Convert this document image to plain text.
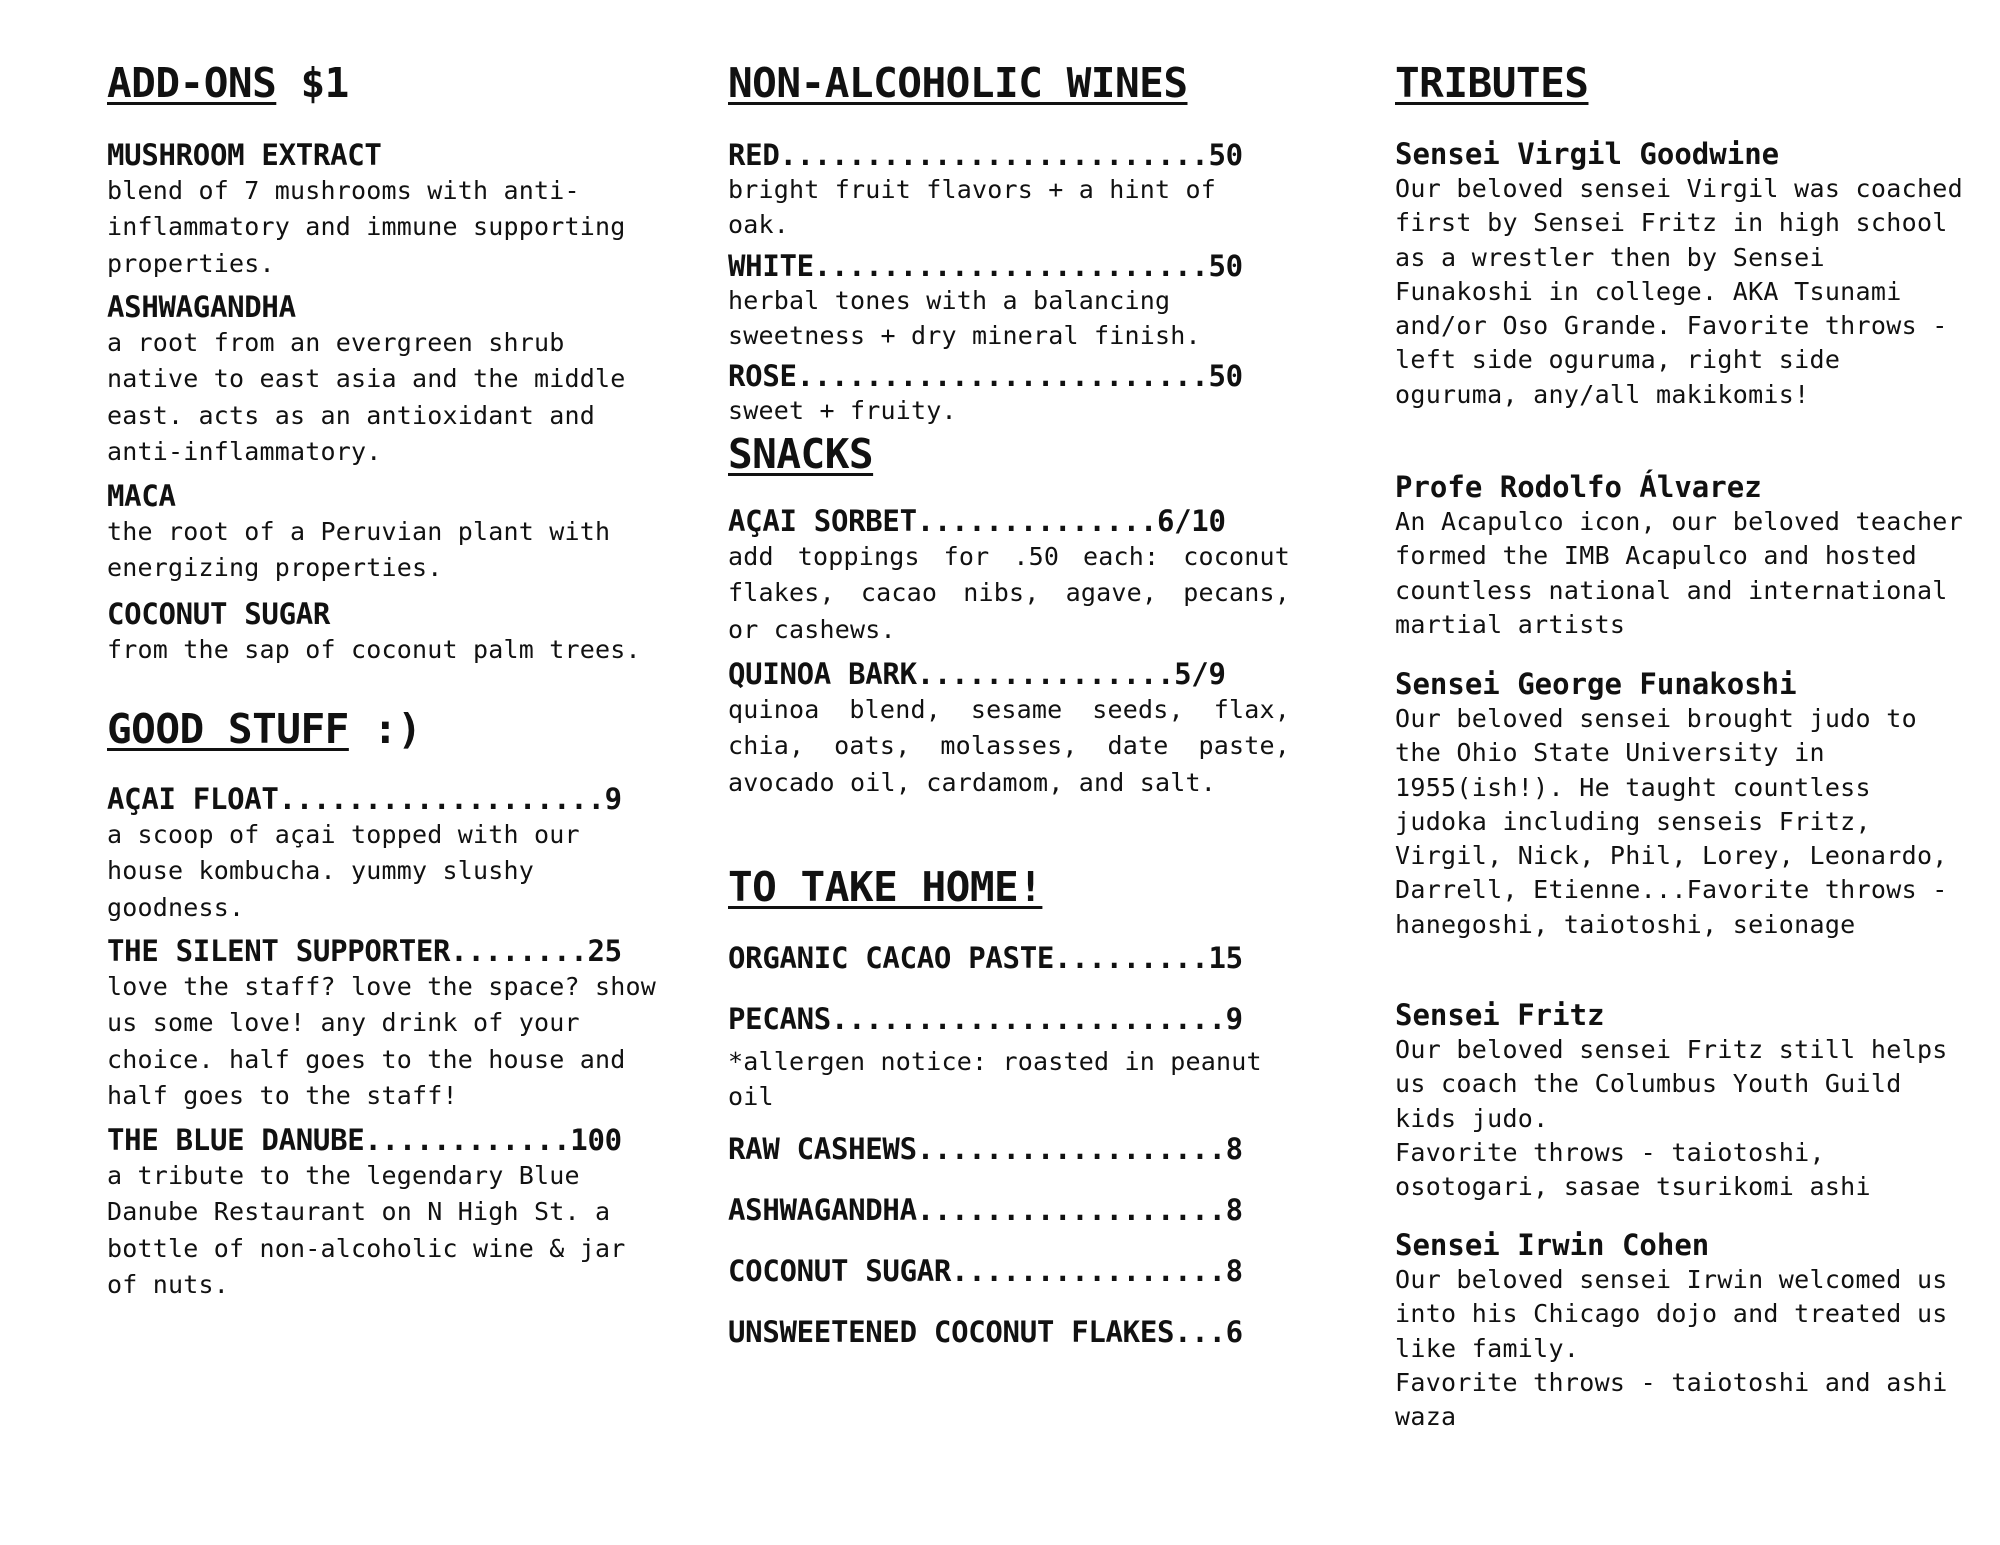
ADD-ONS $1
MUSHROOM EXTRACT
blend of 7 mushrooms with anti-inflammatory and immune supporting properties.
ASHWAGANDHA
a root from an evergreen shrub native to east asia and the middle east. acts as an antioxidant and anti-inflammatory.
MACA
the root of a Peruvian plant with energizing properties.
COCONUT SUGAR
from the sap of coconut palm trees.
GOOD STUFF :)
AÇAI FLOAT...................9
a scoop of açai topped with our house kombucha. yummy slushy goodness.
THE SILENT SUPPORTER........25
love the staff? love the space? show us some love! any drink of your choice. half goes to the house and half goes to the staff!
THE BLUE DANUBE............100
a tribute to the legendary Blue Danube Restaurant on N High St. a bottle of non-alcoholic wine & jar of nuts.
NON-ALCOHOLIC WINES
RED.........................50
bright fruit flavors + a hint of oak.
WHITE.......................50
herbal tones with a balancing sweetness + dry mineral finish.
ROSE........................50
sweet + fruity.
SNACKS
AÇAI SORBET..............6/10
add toppings for .50 each: coconut flakes, cacao nibs, agave, pecans, or cashews.
QUINOA BARK...............5/9
quinoa blend, sesame seeds, flax, chia, oats, molasses, date paste, avocado oil, cardamom, and salt.
TO TAKE HOME!
ORGANIC CACAO PASTE.........15
PECANS.......................9
*allergen notice: roasted in peanut oil
RAW CASHEWS..................8
ASHWAGANDHA..................8
COCONUT SUGAR................8
UNSWEETENED COCONUT FLAKES...6
TRIBUTES
Sensei Virgil Goodwine
Our beloved sensei Virgil was coached first by Sensei Fritz in high school as a wrestler then by Sensei Funakoshi in college. AKA Tsunami and/or Oso Grande. Favorite throws - left side oguruma, right side oguruma, any/all makikomis!
Profe Rodolfo Álvarez
An Acapulco icon, our beloved teacher formed the IMB Acapulco and hosted countless national and international martial artists
Sensei George Funakoshi
Our beloved sensei brought judo to the Ohio State University in 1955(ish!). He taught countless judoka including senseis Fritz, Virgil, Nick, Phil, Lorey, Leonardo, Darrell, Etienne...Favorite throws - hanegoshi, taiotoshi, seionage
Sensei Fritz
Our beloved sensei Fritz still helps us coach the Columbus Youth Guild kids judo.
Favorite throws - taiotoshi, osotogari, sasae tsurikomi ashi
Sensei Irwin Cohen
Our beloved sensei Irwin welcomed us into his Chicago dojo and treated us like family.
Favorite throws - taiotoshi and ashi waza
